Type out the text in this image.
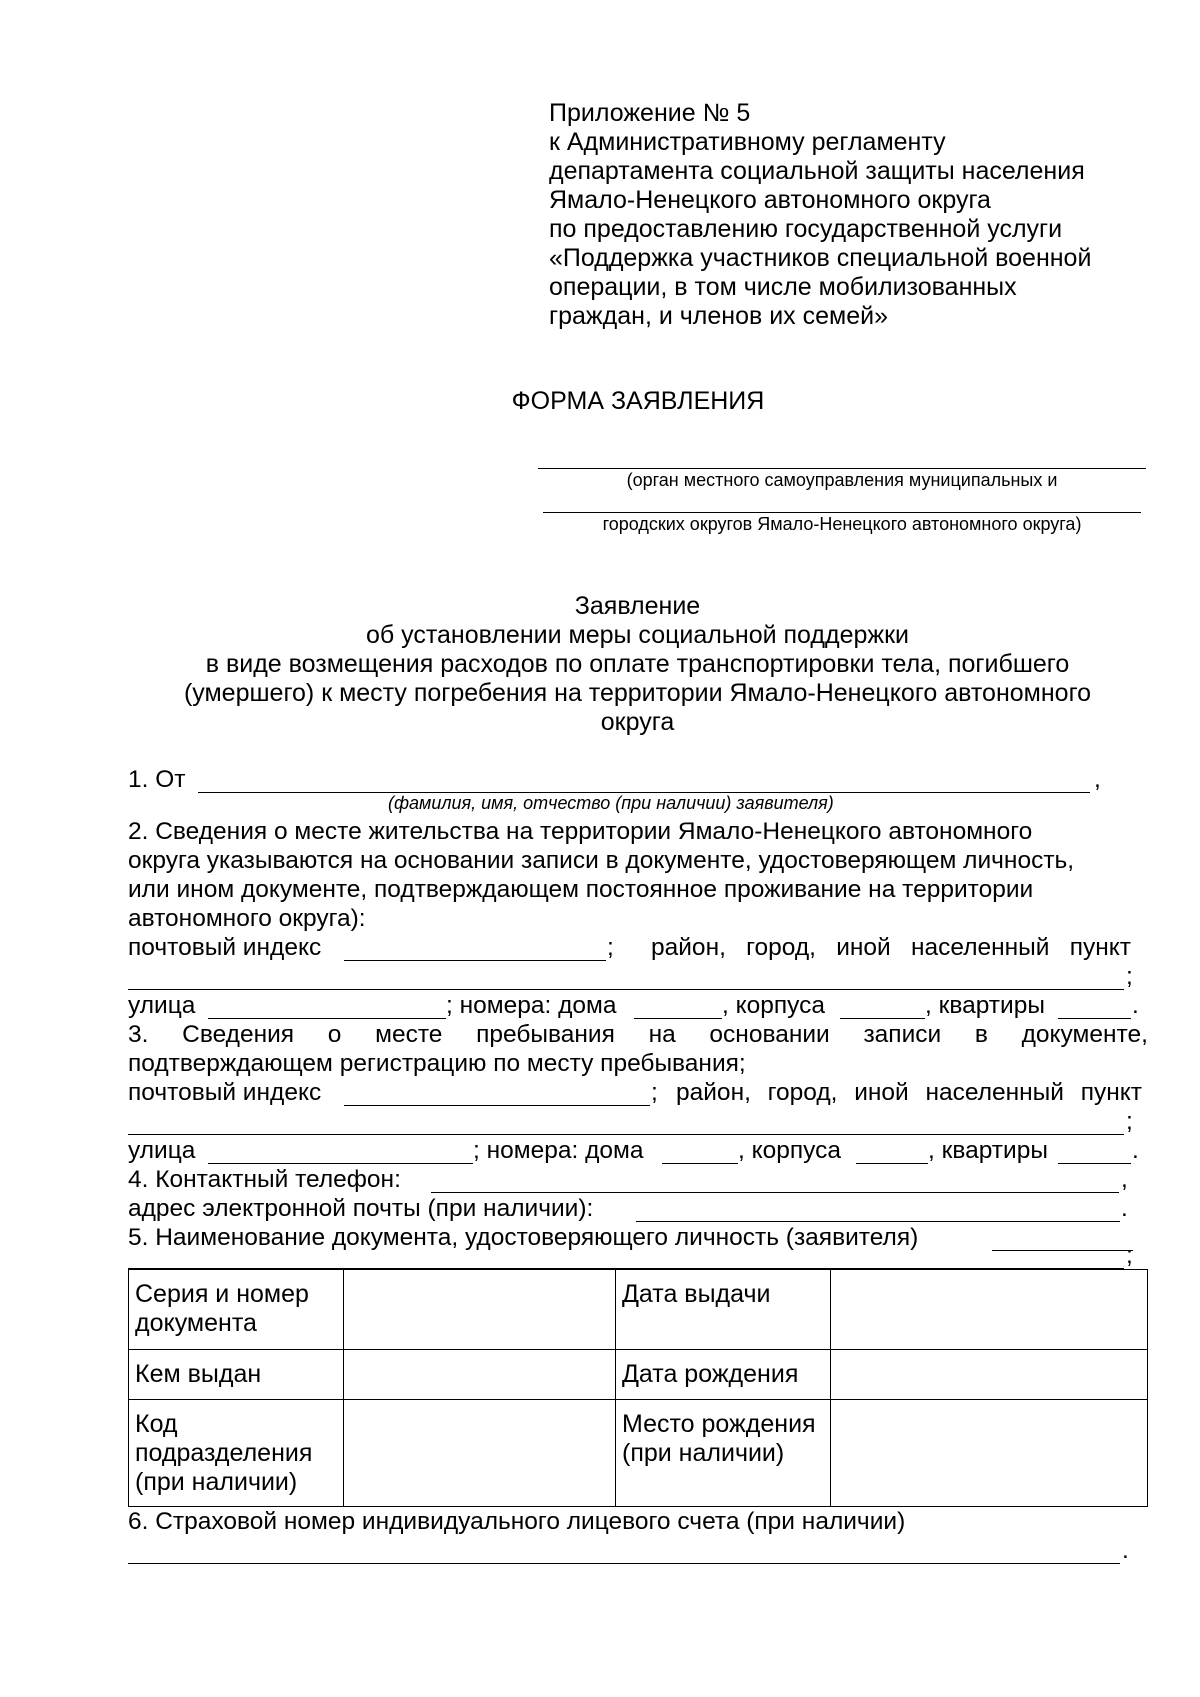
Приложение № 5
к Административному регламенту
департамента социальной защиты населения
Ямало-Ненецкого автономного округа
по предоставлению государственной услуги
«Поддержка участников специальной военной
операции, в том числе мобилизованных
граждан, и членов их семей»
ФОРМА ЗАЯВЛЕНИЯ
(орган местного самоуправления муниципальных и
городских округов Ямало-Ненецкого автономного округа)
Заявление
об установлении меры социальной поддержки
в виде возмещения расходов по оплате транспортировки тела, погибшего
(умершего) к месту погребения на территории Ямало-Ненецкого автономного
округа
1. От	,
(фамилия, имя, отчество (при наличии) заявителя)
2. Сведения о месте жительства на территории Ямало-Ненецкого автономного
округа указываются на основании записи в документе, удостоверяющем личность,
или ином документе, подтверждающем постоянное проживание на территории
автономного округа):
почтовый индекс	; район, город, иной населенный пункт
;
улица	; номера: дома	, корпуса	, квартиры	.
3. Сведения о месте пребывания на основании записи в документе,
подтверждающем регистрацию по месту пребывания;
почтовый индекс	; район, город, иной населенный пункт
;
улица	; номера: дома	, корпуса	, квартиры	.
4. Контактный телефон:	,
адрес электронной почты (при наличии):	.
5. Наименование документа, удостоверяющего личность (заявителя)
;
Серия и номер
документа		Дата выдачи	
Кем выдан		Дата рождения	
Код
подразделения
(при наличии)		Место рождения
(при наличии)	
6. Страховой номер индивидуального лицевого счета (при наличии)
.
